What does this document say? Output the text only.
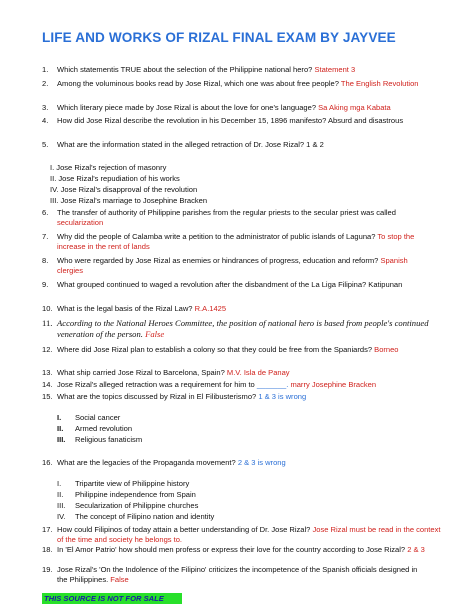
LIFE AND WORKS OF RIZAL FINAL EXAM BY JAYVEE
1. Which statementis TRUE about the selection of the Philippine national hero? Statement 3
2. Among the voluminous books read by Jose Rizal, which one was about free people? The English Revolution
3. Which literary piece made by Jose Rizal is about the love for one's language? Sa Aking mga Kabata
4. How did Jose Rizal describe the revolution in his December 15, 1896 manifesto? Absurd and disastrous
5. What are the information stated in the alleged retraction of Dr. Jose Rizal? 1 & 2
I. Jose Rizal's rejection of masonry
II. Jose Rizal's repudiation of his works
IV. Jose Rizal's disapproval of the revolution
III. Jose Rizal's marriage to Josephine Bracken
6. The transfer of authority of Philippine parishes from the regular priests to the secular priest was called secularization
7. Why did the people of Calamba write a petition to the administrator of public islands of Laguna? To stop the increase in the rent of lands
8. Who were regarded by Jose Rizal as enemies or hindrances of progress, education and reform? Spanish clergies
9. What grouped continued to waged a revolution after the disbandment of the La Liga Filipina? Katipunan
10. What is the legal basis of the Rizal Law? R.A.1425
11. According to the National Heroes Committee, the position of national hero is based from people's continued veneration of the person. False
12. Where did Jose Rizal plan to establish a colony so that they could be free from the Spaniards? Borneo
13. What ship carried Jose Rizal to Barcelona, Spain? M.V. Isla de Panay
14. Jose Rizal's alleged retraction was a requirement for him to _______. marry Josephine Bracken
15. What are the topics discussed by Rizal in El Filibusterismo? 1 & 3 is wrong
I. Social cancer
II. Armed revolution
III. Religious fanaticism
16. What are the legacies of the Propaganda movement? 2 & 3 is wrong
I. Tripartite view of Philippine history
II. Philippine independence from Spain
III. Secularization of Philippine churches
IV. The concept of Filipino nation and identity
17. How could Filipinos of today attain a better understanding of Dr. Jose Rizal? Jose Rizal must be read in the context of the time and society he belongs to.
18. In 'El Amor Patrio' how should men profess or express their love for the country according to Jose Rizal? 2 & 3
19. Jose Rizal's 'On the Indolence of the Filipino' criticizes the incompetence of the Spanish officials designed in the Philippines. False
THIS SOURCE IS NOT FOR SALE
